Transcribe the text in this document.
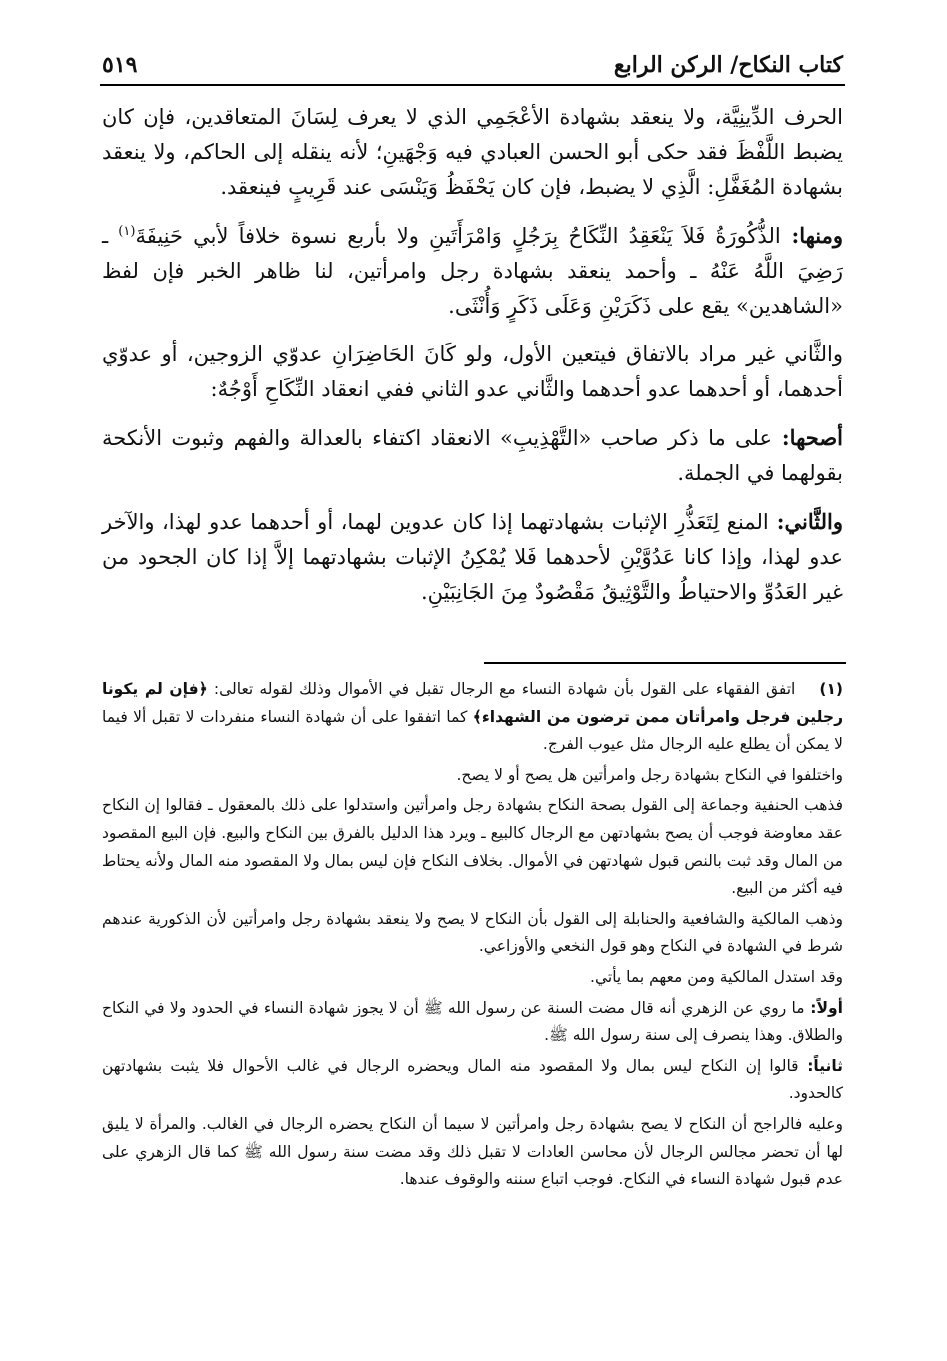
كتاب النكاح/ الركن الرابع
٥١٩

الحرف الدِّينِيَّة، ولا ينعقد بشهادة الأعْجَمِي الذي لا يعرف لِسَانَ المتعاقدين، فإن كان يضبط اللَّفْظَ فقد حكى أبو الحسن العبادي فيه وَجْهَينِ؛ لأنه ينقله إلى الحاكم، ولا ينعقد بشهادة المُغَفَّلِ: الَّذِي لا يضبط، فإن كان يَحْفَظُ وَيَنْسَى عند قَرِيبٍ فينعقد.

ومنها: الذُّكُورَةُ فَلاَ يَنْعَقِدُ النِّكَاحُ بِرَجُلٍ وَامْرَأَتَينِ ولا بأربع نسوة خلافاً لأبي حَنِيفَةَ$^{(١)}$ ـ رَضِيَ اللَّهُ عَنْهُ ـ وأحمد ينعقد بشهادة رجل وامرأتين، لنا ظاهر الخبر فإن لفظ «الشاهدين» يقع على ذَكَرَيْنِ وَعَلَى ذَكَرٍ وَأُنْثَى.

والثَّاني غير مراد بالاتفاق فيتعين الأول، ولو كَانَ الحَاضِرَانِ عدوّي الزوجين، أو عدوّي أحدهما، أو أحدهما عدو أحدهما والثَّاني عدو الثاني ففي انعقاد النِّكَاحِ أَوْجُهٌ:

أصحها: على ما ذكر صاحب «التَّهْذِيبِ» الانعقاد اكتفاء بالعدالة والفهم وثبوت الأنكحة بقولهما في الجملة.

والثَّاني: المنع لِتَعَذُّرِ الإثبات بشهادتهما إذا كان عدوين لهما، أو أحدهما عدو لهذا، والآخر عدو لهذا، وإذا كانا عَدُوَّيْنِ لأحدهما فَلا يُمْكِنُ الإثبات بشهادتهما إلاَّ إذا كان الجحود من غير العَدُوِّ والاحتياطُ والتَّوْثِيقُ مَقْصُودٌ مِنَ الجَانِبَيْنِ.

(١)اتفق الفقهاء على القول بأن شهادة النساء مع الرجال تقبل في الأموال وذلك لقوله تعالى: ﴿فإن لم يكونا رجلين فرجل وامرأتان ممن ترضون من الشهداء﴾ كما اتفقوا على أن شهادة النساء منفردات لا تقبل ألا فيما لا يمكن أن يطلع عليه الرجال مثل عيوب الفرج.

واختلفوا في النكاح بشهادة رجل وامرأتين هل يصح أو لا يصح.

فذهب الحنفية وجماعة إلى القول بصحة النكاح بشهادة رجل وامرأتين واستدلوا على ذلك بالمعقول ـ فقالوا إن النكاح عقد معاوضة فوجب أن يصح بشهادتهن مع الرجال كالبيع ـ ويرد هذا الدليل بالفرق بين النكاح والبيع. فإن البيع المقصود من المال وقد ثبت بالنص قبول شهادتهن في الأموال. بخلاف النكاح فإن ليس بمال ولا المقصود منه المال ولأنه يحتاط فيه أكثر من البيع.

وذهب المالكية والشافعية والحنابلة إلى القول بأن النكاح لا يصح ولا ينعقد بشهادة رجل وامرأتين لأن الذكورية عندهم شرط في الشهادة في النكاح وهو قول النخعي والأوزاعي.

وقد استدل المالكية ومن معهم بما يأتي.

أولاً: ما روي عن الزهري أنه قال مضت السنة عن رسول الله ﷺ أن لا يجوز شهادة النساء في الحدود ولا في النكاح والطلاق. وهذا ينصرف إلى سنة رسول الله ﷺ.

ثانياً: قالوا إن النكاح ليس بمال ولا المقصود منه المال ويحضره الرجال في غالب الأحوال فلا يثبت بشهادتهن كالحدود.

وعليه فالراجح أن النكاح لا يصح بشهادة رجل وامرأتين لا سيما أن النكاح يحضره الرجال في الغالب. والمرأة لا يليق لها أن تحضر مجالس الرجال لأن محاسن العادات لا تقبل ذلك وقد مضت سنة رسول الله ﷺ كما قال الزهري على عدم قبول شهادة النساء في النكاح. فوجب اتباع سننه والوقوف عندها.
